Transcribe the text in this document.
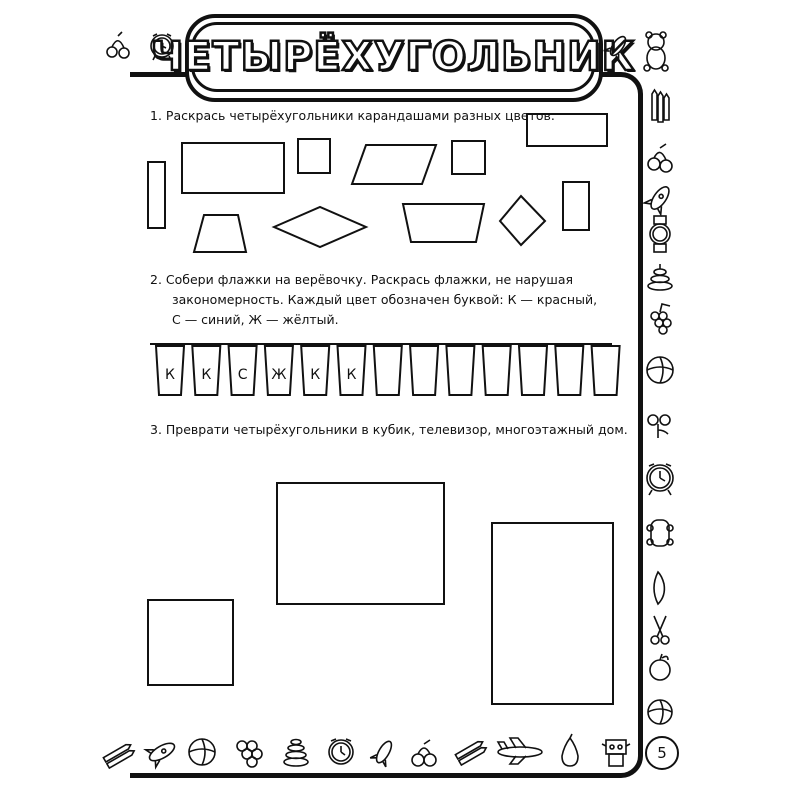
ЧЕТЫРЁХУГОЛЬНИК
1. Раскрась четырёхугольники карандашами разных цветов.
2. Собери флажки на верёвочку. Раскрась флажки, не нарушая
закономерность. Каждый цвет обозначен буквой: К — красный,
С — синий, Ж — жёлтый.
3. Преврати четырёхугольники в кубик, телевизор, многоэтажный дом.
К К С Ж К К
5
